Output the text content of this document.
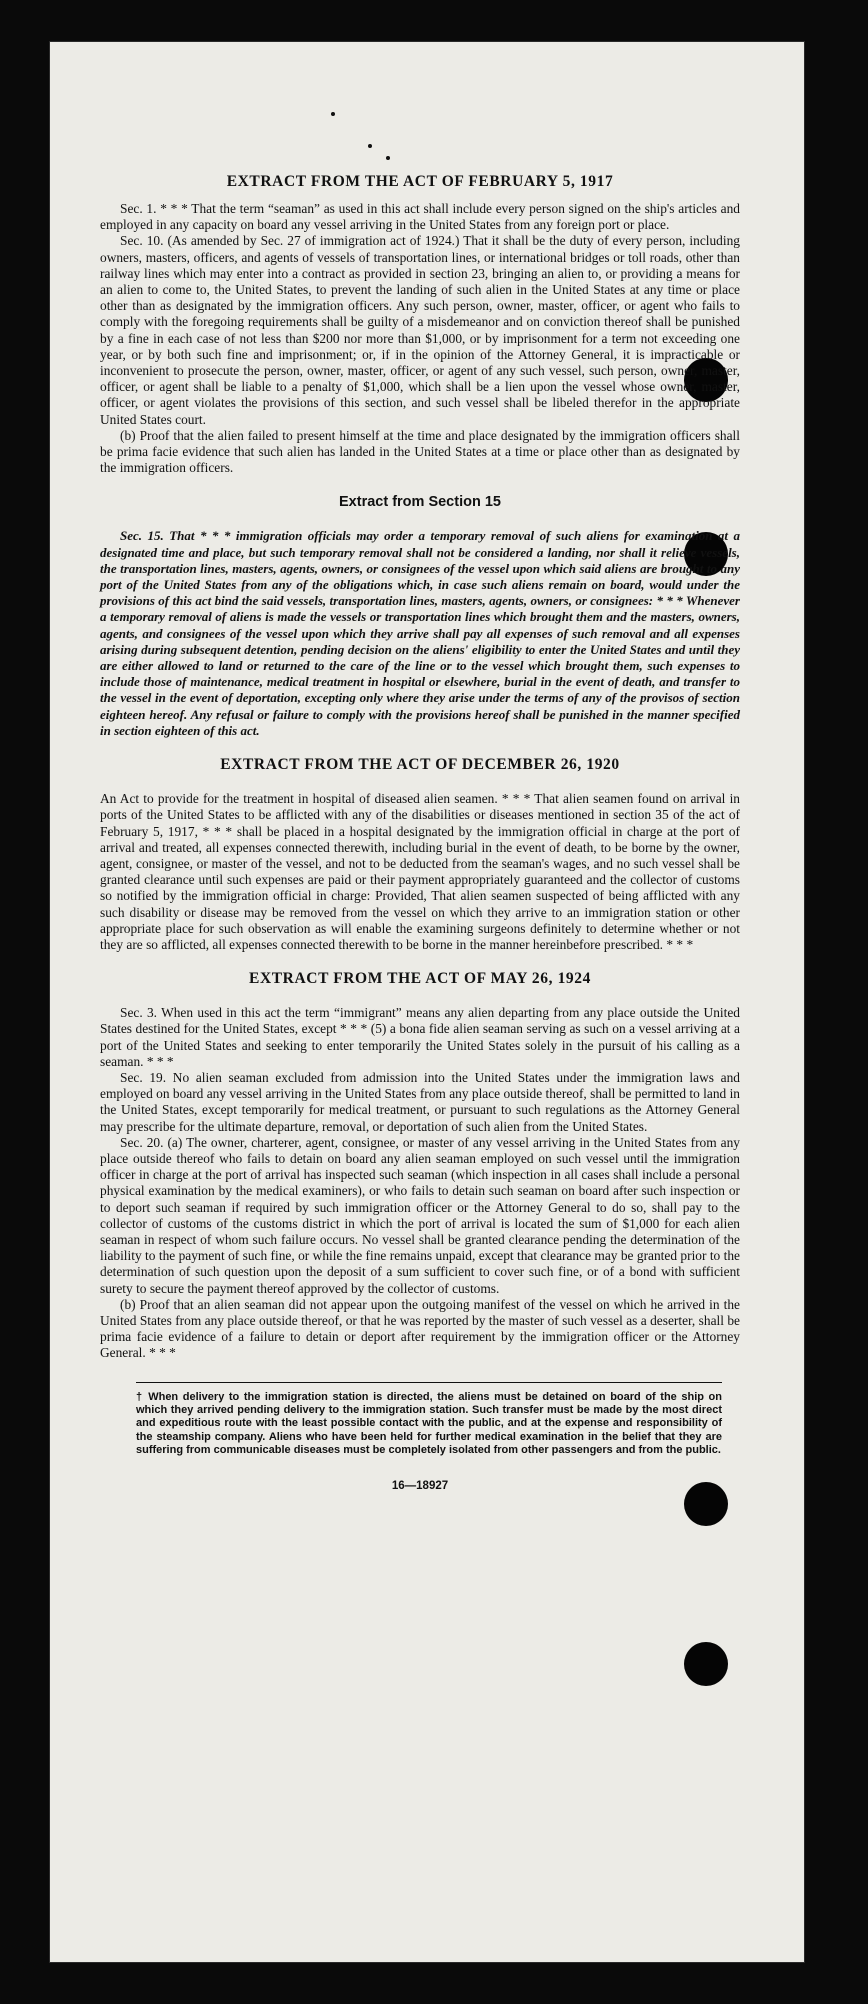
EXTRACT FROM THE ACT OF FEBRUARY 5, 1917

Sec. 1. * * * That the term “seaman” as used in this act shall include every person signed on the ship's articles and employed in any capacity on board any vessel arriving in the United States from any foreign port or place.

Sec. 10. (As amended by Sec. 27 of immigration act of 1924.) That it shall be the duty of every person, including owners, masters, officers, and agents of vessels of transportation lines, or international bridges or toll roads, other than railway lines which may enter into a contract as provided in section 23, bringing an alien to, or providing a means for an alien to come to, the United States, to prevent the landing of such alien in the United States at any time or place other than as designated by the immigration officers. Any such person, owner, master, officer, or agent who fails to comply with the foregoing requirements shall be guilty of a misdemeanor and on conviction thereof shall be punished by a fine in each case of not less than $200 nor more than $1,000, or by imprisonment for a term not exceeding one year, or by both such fine and imprisonment; or, if in the opinion of the Attorney General, it is impracticable or inconvenient to prosecute the person, owner, master, officer, or agent of any such vessel, such person, owner, master, officer, or agent shall be liable to a penalty of $1,000, which shall be a lien upon the vessel whose owner, master, officer, or agent violates the provisions of this section, and such vessel shall be libeled therefor in the appropriate United States court.

(b) Proof that the alien failed to present himself at the time and place designated by the immigration officers shall be prima facie evidence that such alien has landed in the United States at a time or place other than as designated by the immigration officers.

Extract from Section 15

Sec. 15. That * * * immigration officials may order a temporary removal of such aliens for examination at a designated time and place, but such temporary removal shall not be considered a landing, nor shall it relieve vessels, the transportation lines, masters, agents, owners, or consignees of the vessel upon which said aliens are brought to any port of the United States from any of the obligations which, in case such aliens remain on board, would under the provisions of this act bind the said vessels, transportation lines, masters, agents, owners, or consignees: * * * Whenever a temporary removal of aliens is made the vessels or transportation lines which brought them and the masters, owners, agents, and consignees of the vessel upon which they arrive shall pay all expenses of such removal and all expenses arising during subsequent detention, pending decision on the aliens' eligibility to enter the United States and until they are either allowed to land or returned to the care of the line or to the vessel which brought them, such expenses to include those of maintenance, medical treatment in hospital or elsewhere, burial in the event of death, and transfer to the vessel in the event of deportation, excepting only where they arise under the terms of any of the provisos of section eighteen hereof. Any refusal or failure to comply with the provisions hereof shall be punished in the manner specified in section eighteen of this act.

EXTRACT FROM THE ACT OF DECEMBER 26, 1920

An Act to provide for the treatment in hospital of diseased alien seamen. * * * That alien seamen found on arrival in ports of the United States to be afflicted with any of the disabilities or diseases mentioned in section 35 of the act of February 5, 1917, * * * shall be placed in a hospital designated by the immigration official in charge at the port of arrival and treated, all expenses connected therewith, including burial in the event of death, to be borne by the owner, agent, consignee, or master of the vessel, and not to be deducted from the seaman's wages, and no such vessel shall be granted clearance until such expenses are paid or their payment appropriately guaranteed and the collector of customs so notified by the immigration official in charge: Provided, That alien seamen suspected of being afflicted with any such disability or disease may be removed from the vessel on which they arrive to an immigration station or other appropriate place for such observation as will enable the examining surgeons definitely to determine whether or not they are so afflicted, all expenses connected therewith to be borne in the manner hereinbefore prescribed. * * *

EXTRACT FROM THE ACT OF MAY 26, 1924

Sec. 3. When used in this act the term “immigrant” means any alien departing from any place outside the United States destined for the United States, except * * * (5) a bona fide alien seaman serving as such on a vessel arriving at a port of the United States and seeking to enter temporarily the United States solely in the pursuit of his calling as a seaman. * * *

Sec. 19. No alien seaman excluded from admission into the United States under the immigration laws and employed on board any vessel arriving in the United States from any place outside thereof, shall be permitted to land in the United States, except temporarily for medical treatment, or pursuant to such regulations as the Attorney General may prescribe for the ultimate departure, removal, or deportation of such alien from the United States.

Sec. 20. (a) The owner, charterer, agent, consignee, or master of any vessel arriving in the United States from any place outside thereof who fails to detain on board any alien seaman employed on such vessel until the immigration officer in charge at the port of arrival has inspected such seaman (which inspection in all cases shall include a personal physical examination by the medical examiners), or who fails to detain such seaman on board after such inspection or to deport such seaman if required by such immigration officer or the Attorney General to do so, shall pay to the collector of customs of the customs district in which the port of arrival is located the sum of $1,000 for each alien seaman in respect of whom such failure occurs. No vessel shall be granted clearance pending the determination of the liability to the payment of such fine, or while the fine remains unpaid, except that clearance may be granted prior to the determination of such question upon the deposit of a sum sufficient to cover such fine, or of a bond with sufficient surety to secure the payment thereof approved by the collector of customs.

(b) Proof that an alien seaman did not appear upon the outgoing manifest of the vessel on which he arrived in the United States from any place outside thereof, or that he was reported by the master of such vessel as a deserter, shall be prima facie evidence of a failure to detain or deport after requirement by the immigration officer or the Attorney General. * * *

† When delivery to the immigration station is directed, the aliens must be detained on board of the ship on which they arrived pending delivery to the immigration station. Such transfer must be made by the most direct and expeditious route with the least possible contact with the public, and at the expense and responsibility of the steamship company. Aliens who have been held for further medical examination in the belief that they are suffering from communicable diseases must be completely isolated from other passengers and from the public.

16—18927
